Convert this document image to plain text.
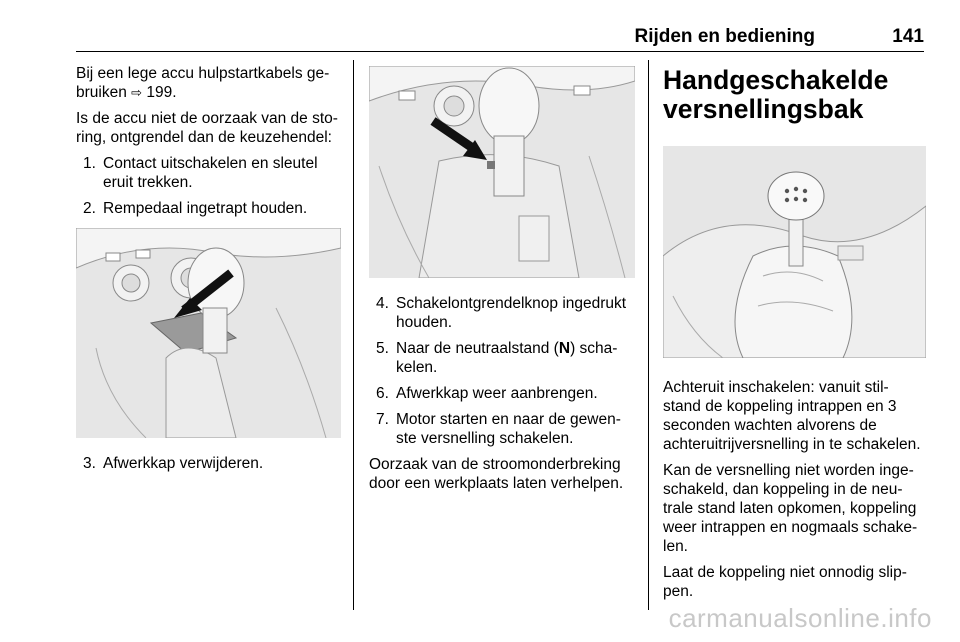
Rijden en bediening	141

Bij een lege accu hulpstartkabels ge-bruiken ⇨ 199.

Is de accu niet de oorzaak van de sto-ring, ontgrendel dan de keuzehendel:

1. Contact uitschakelen en sleutel eruit trekken.
2. Rempedaal ingetrapt houden.
3. Afwerkkap verwijderen.
4. Schakelontgrendelknop ingedrukt houden.
5. Naar de neutraalstand (N) scha-kelen.
6. Afwerkkap weer aanbrengen.
7. Motor starten en naar de gewen-ste versnelling schakelen.

Oorzaak van de stroomonderbreking door een werkplaats laten verhelpen.

Handgeschakelde versnellingsbak

Achteruit inschakelen: vanuit stil-stand de koppeling intrappen en 3 seconden wachten alvorens de achteruitrijversnelling in te schakelen.

Kan de versnelling niet worden inge-schakeld, dan koppeling in de neu-trale stand laten opkomen, koppeling weer intrappen en nogmaals schake-len.

Laat de koppeling niet onnodig slip-pen.

carmanualsonline.info
